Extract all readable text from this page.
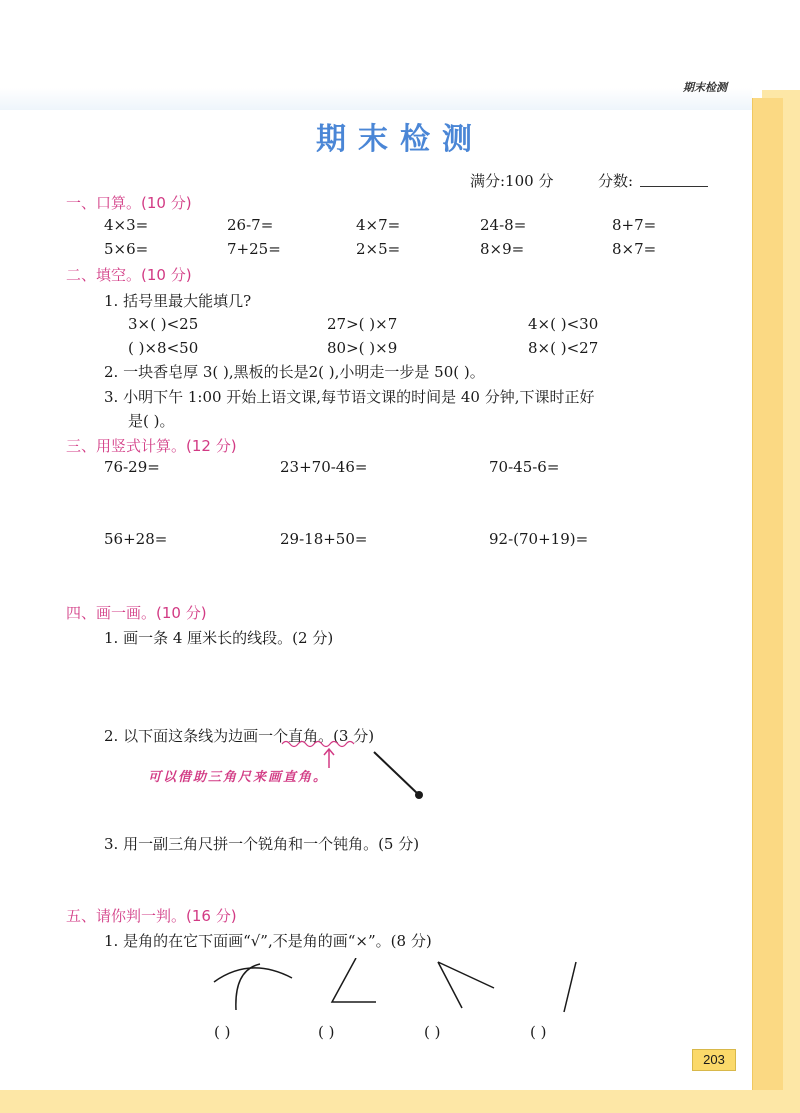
期末检测
期末检测
满分:100 分	分数:
一、口算。(10 分)
4×3=	26-7=	4×7=	24-8=	8+7=
5×6=	7+25=	2×5=	8×9=	8×7=
二、填空。(10 分)
1. 括号里最大能填几?
3×( )<25	27>( )×7	4×( )<30
( )×8<50	80>( )×9	8×( )<27
2. 一块香皂厚 3( ),黑板的长是2( ),小明走一步是 50( )。
3. 小明下午 1:00 开始上语文课,每节语文课的时间是 40 分钟,下课时正好
是( )。
三、用竖式计算。(12 分)
76-29=	23+70-46=	70-45-6=
56+28=	29-18+50=	92-(70+19)=
四、画一画。(10 分)
1. 画一条 4 厘米长的线段。(2 分)
2. 以下面这条线为边画一个直角。(3 分)
可以借助三角尺来画直角。
3. 用一副三角尺拼一个锐角和一个钝角。(5 分)
五、请你判一判。(16 分)
1. 是角的在它下面画“√”,不是角的画“×”。(8 分)
( )	( )	( )	( )
203
